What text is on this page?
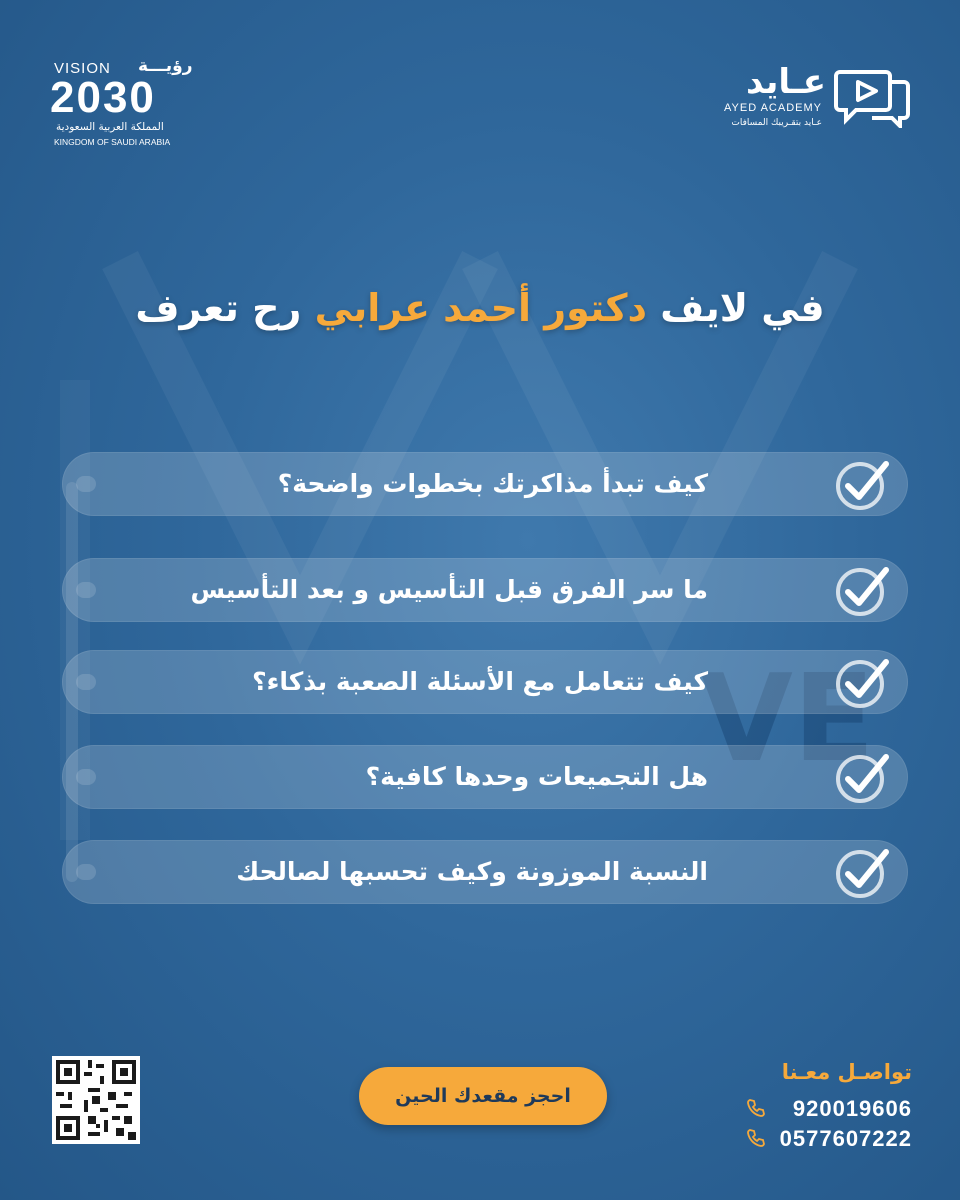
VE
VISION رؤيـــة
2030
المملكة العربية السعودية
KINGDOM OF SAUDI ARABIA
عـايد
AYED ACADEMY
عـايد بتقـريبك المسافات
في لايف دكتور أحمد عرابي رح تعرف
كيف تبدأ مذاكرتك بخطوات واضحة؟
ما سر الفرق قبل التأسيس و بعد التأسيس
كيف تتعامل مع الأسئلة الصعبة بذكاء؟
هل التجميعات وحدها كافية؟
النسبة الموزونة وكيف تحسبها لصالحك
احجز مقعدك الحين
تواصـل معـنا
920019606
0577607222
